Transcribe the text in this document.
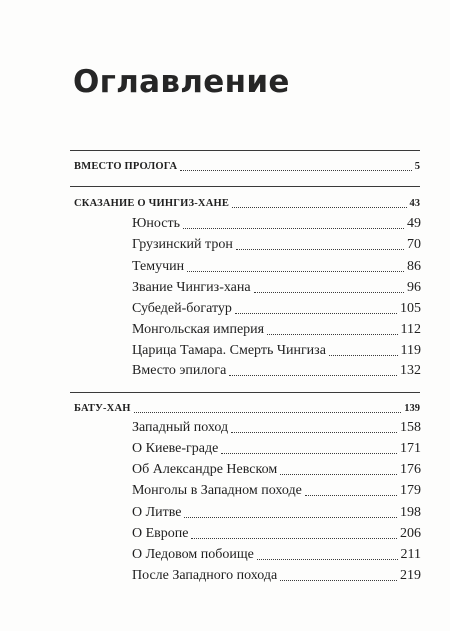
Оглавление
ВМЕСТО ПРОЛОГА	5
СКАЗАНИЕ О ЧИНГИЗ-ХАНЕ	43
Юность	49
Грузинский трон	70
Темучин	86
Звание Чингиз-хана	96
Субедей-богатур	105
Монгольская империя	112
Царица Тамара. Смерть Чингиза	119
Вместо эпилога	132
БАТУ-ХАН	139
Западный поход	158
О Киеве-граде	171
Об Александре Невском	176
Монголы в Западном походе	179
О Литве	198
О Европе	206
О Ледовом побоище	211
После Западного похода	219
